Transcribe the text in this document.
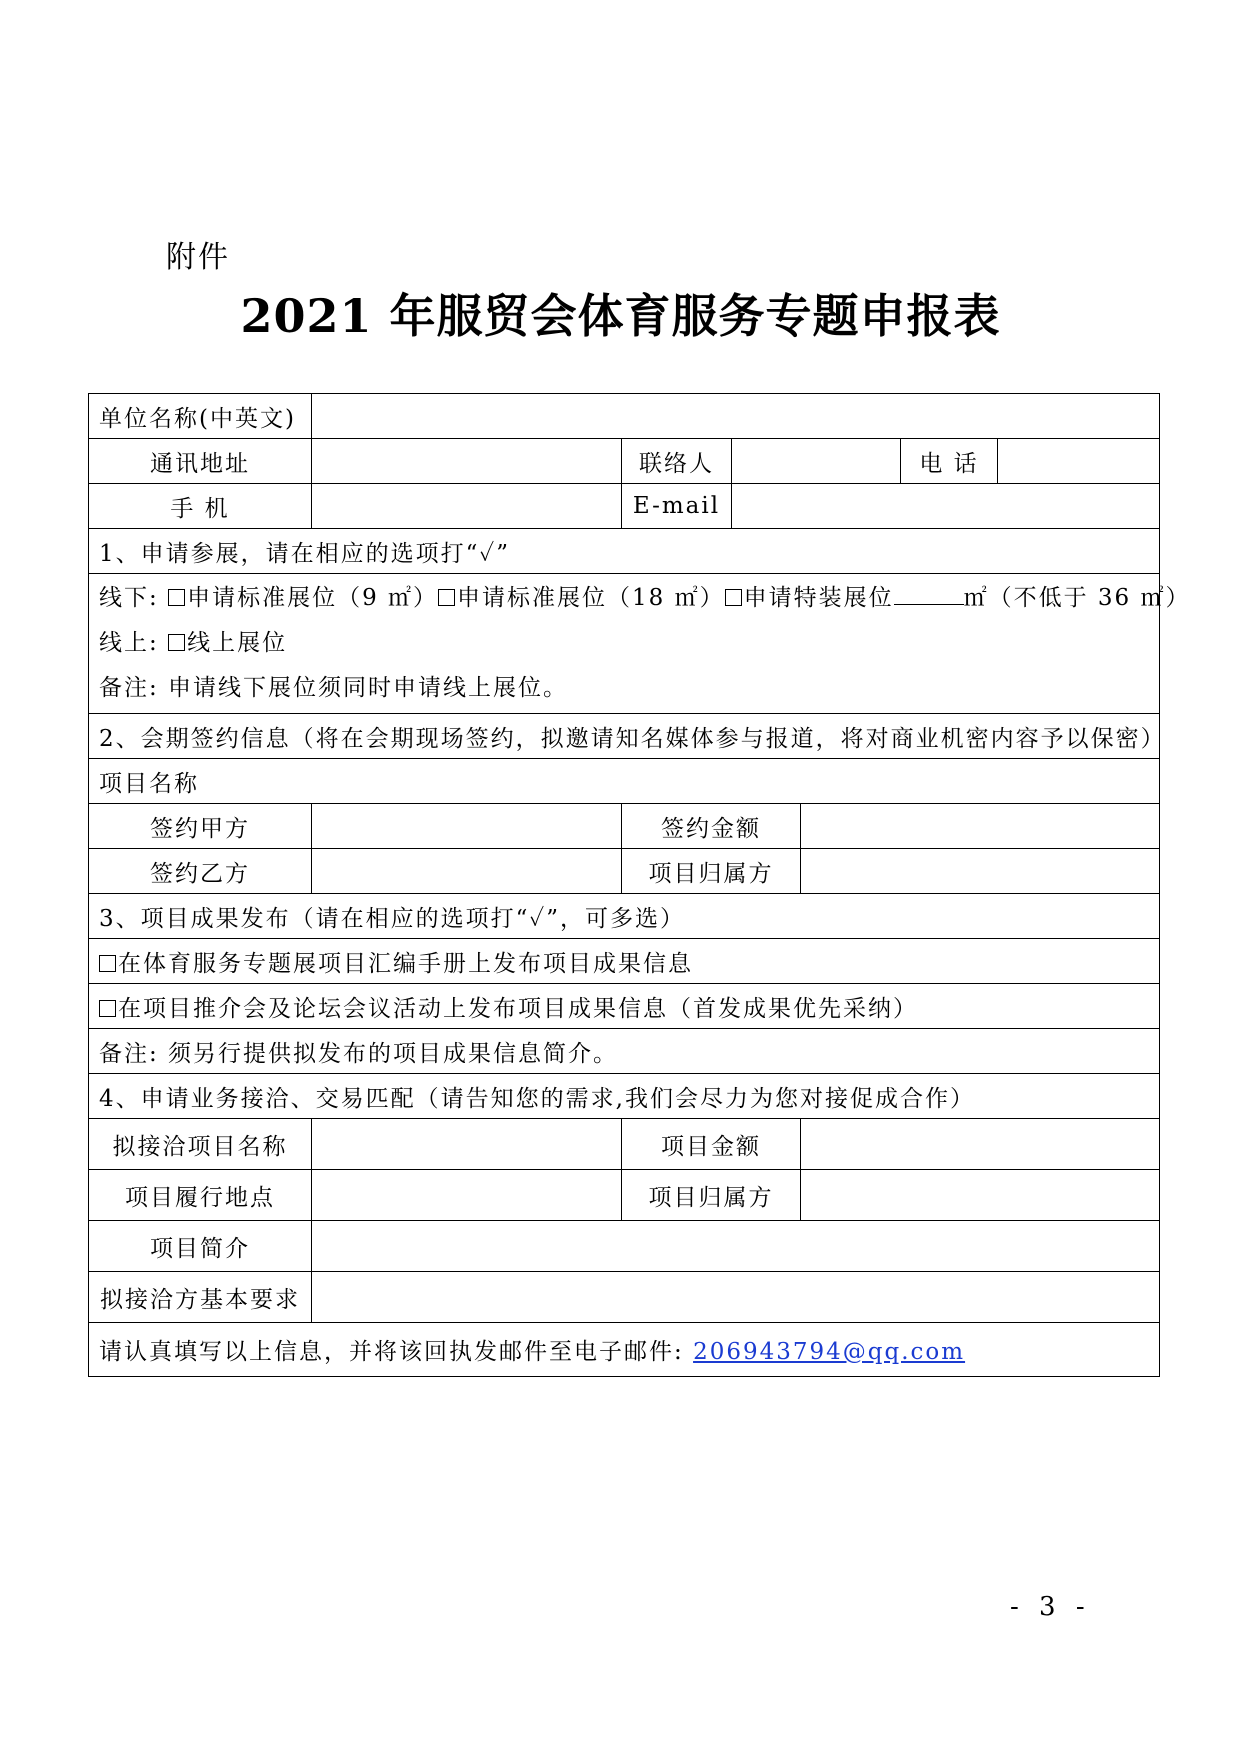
附件
2021 年服贸会体育服务专题申报表
单位名称(中英文)						
通讯地址		联络人			电 话	
手 机		E-mail				
1、申请参展，请在相应的选项打“✓”						

线下: 申请标准展位（9 ㎡） 申请标准展位（18 ㎡） 申请特装展位 ㎡（不低于 36 ㎡）
线上: 线上展位
备注: 申请线下展位须同时申请线上展位。						

2、会期签约信息（将在会期现场签约，拟邀请知名媒体参与报道，将对商业机密内容予以保密）						
项目名称						
签约甲方		签约金额				
签约乙方		项目归属方				
3、项目成果发布（请在相应的选项打“✓”，可多选）						
在体育服务专题展项目汇编手册上发布项目成果信息						
在项目推介会及论坛会议活动上发布项目成果信息（首发成果优先采纳）						
备注: 须另行提供拟发布的项目成果信息简介。						
4、申请业务接洽、交易匹配（请告知您的需求,我们会尽力为您对接促成合作）						
拟接洽项目名称		项目金额				
项目履行地点		项目归属方				
项目简介						
拟接洽方基本要求						
请认真填写以上信息，并将该回执发邮件至电子邮件: 206943794@qq.com						
- 3 -
